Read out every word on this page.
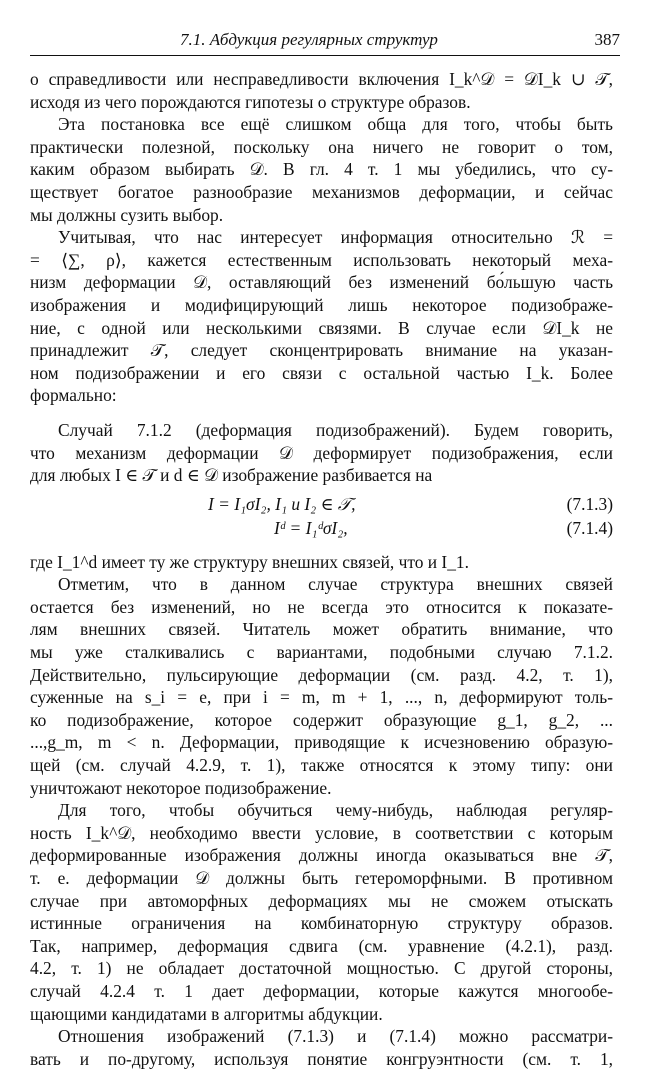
7.1. Абдукция регулярных структур	387
о справедливости или несправедливости включения I_k^𝒟 = 𝒟I_k ∪ 𝒯,
исходя из чего порождаются гипотезы о структуре образов.
Эта постановка все ещё слишком обща для того, чтобы быть
практически полезной, поскольку она ничего не говорит о том,
каким образом выбирать 𝒟. В гл. 4 т. 1 мы убедились, что су-
ществует богатое разнообразие механизмов деформации, и сейчас
мы должны сузить выбор.
Учитывая, что нас интересует информация относительно ℛ =
= ⟨∑, ρ⟩, кажется естественным использовать некоторый меха-
низм деформации 𝒟, оставляющий без изменений бо́льшую часть
изображения и модифицирующий лишь некоторое подизображе-
ние, с одной или несколькими связями. В случае если 𝒟I_k не
принадлежит 𝒯, следует сконцентрировать внимание на указан-
ном подизображении и его связи с остальной частью I_k. Более
формально:
Случай 7.1.2 (деформация подизображений). Будем говорить,
что механизм деформации 𝒟 деформирует подизображения, если
для любых I ∈ 𝒯 и d ∈ 𝒟 изображение разбивается на
I = I₁σI₂, I₁ и I₂ ∈ 𝒯,	(7.1.3)
Iᵈ = I₁ᵈσI₂,	(7.1.4)
где I_1^d имеет ту же структуру внешних связей, что и I_1.
Отметим, что в данном случае структура внешних связей
остается без изменений, но не всегда это относится к показате-
лям внешних связей. Читатель может обратить внимание, что
мы уже сталкивались с вариантами, подобными случаю 7.1.2.
Действительно, пульсирующие деформации (см. разд. 4.2, т. 1),
суженные на s_i = e, при i = m, m + 1, ..., n, деформируют толь-
ко подизображение, которое содержит образующие g_1, g_2, ...
...,g_m, m < n. Деформации, приводящие к исчезновению образую-
щей (см. случай 4.2.9, т. 1), также относятся к этому типу: они
уничтожают некоторое подизображение.
Для того, чтобы обучиться чему-нибудь, наблюдая регуляр-
ность I_k^𝒟, необходимо ввести условие, в соответствии с которым
деформированные изображения должны иногда оказываться вне 𝒯,
т. е. деформации 𝒟 должны быть гетероморфными. В противном
случае при автоморфных деформациях мы не сможем отыскать
истинные ограничения на комбинаторную структуру образов.
Так, например, деформация сдвига (см. уравнение (4.2.1), разд.
4.2, т. 1) не обладает достаточной мощностью. С другой стороны,
случай 4.2.4 т. 1 дает деформации, которые кажутся многообе-
щающими кандидатами в алгоритмы абдукции.
Отношения изображений (7.1.3) и (7.1.4) можно рассматри-
вать и по-другому, используя понятие конгруэнтности (см. т. 1,
